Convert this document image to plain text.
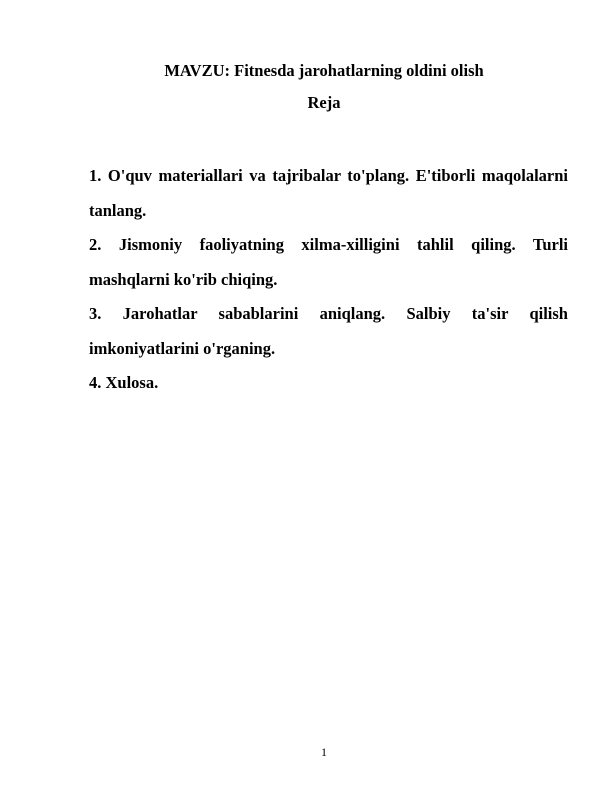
MAVZU: Fitnesda jarohatlarning oldini olish
Reja
1. O'quv materiallari va tajribalar to'plang. E'tiborli maqolalarni tanlang.
2. Jismoniy faoliyatning xilma-xilligini tahlil qiling. Turli mashqlarni ko'rib chiqing.
3. Jarohatlar sabablarini aniqlang. Salbiy ta'sir qilish imkoniyatlarini o'rganing.
4. Xulosa.
1
